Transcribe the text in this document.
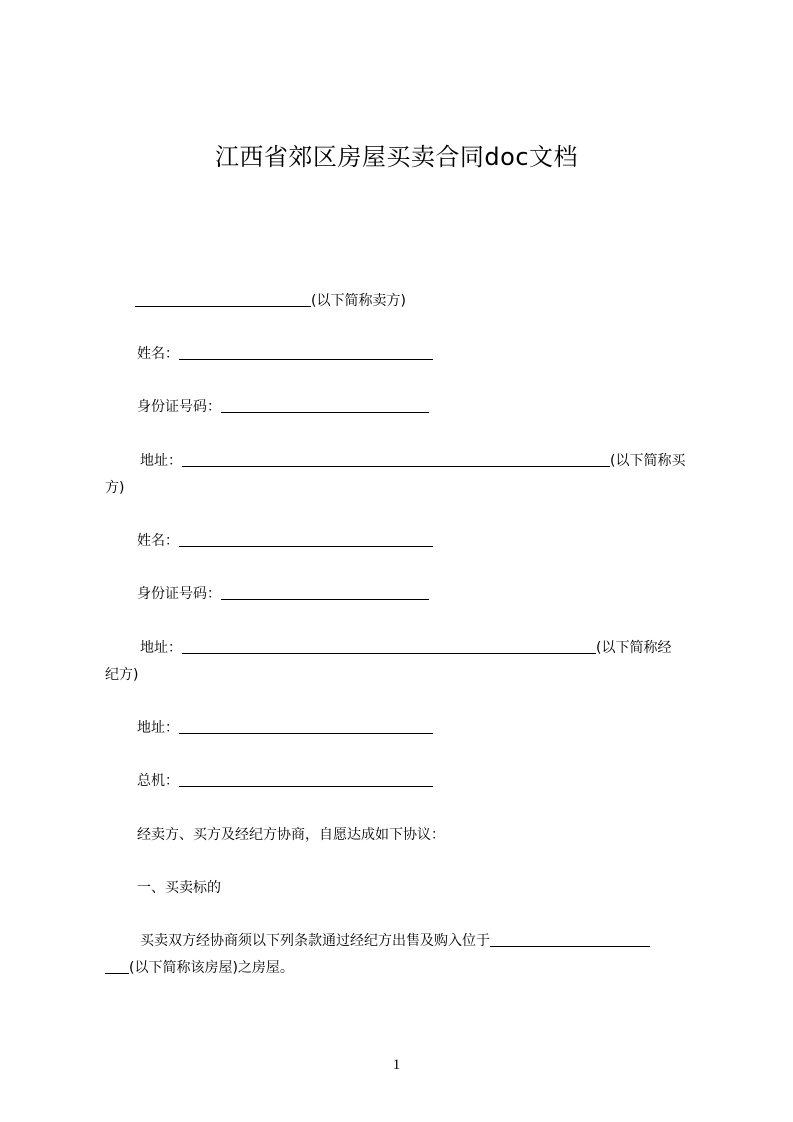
江西省郊区房屋买卖合同doc文档
(以下简称卖方)
姓名：
身份证号码：
地址：	(以下简称买
方)
姓名：
身份证号码：
地址：	(以下简称经
纪方)
地址：
总机：
经卖方、买方及经纪方协商，自愿达成如下协议：
一、买卖标的
买卖双方经协商须以下列条款通过经纪方出售及购入位于
(以下简称该房屋)之房屋。
1
